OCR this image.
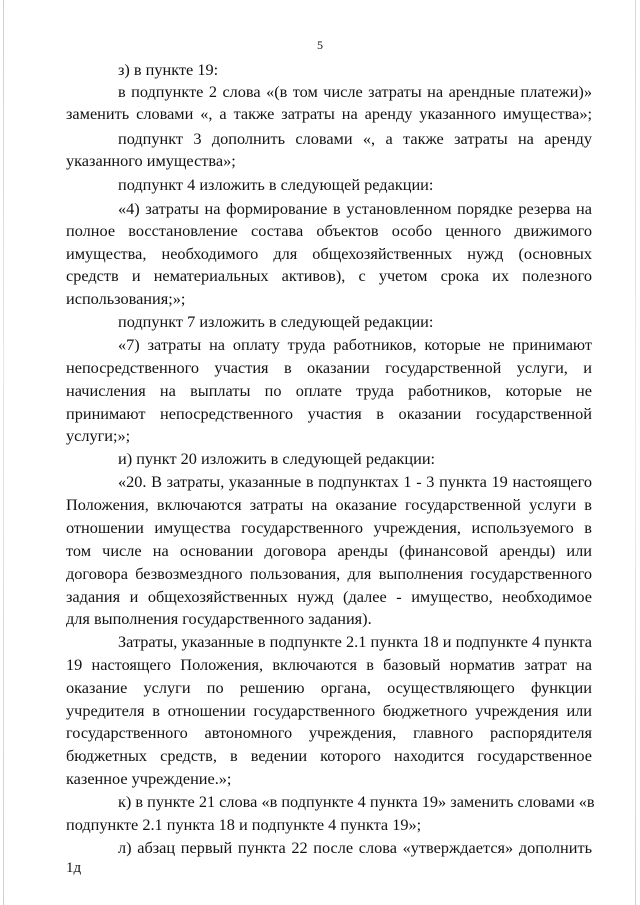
5
з) в пункте 19:
в подпункте 2 слова «(в том числе затраты на арендные платежи)»
заменить словами «, а также затраты на аренду указанного имущества»;
подпункт 3 дополнить словами «, а также затраты на аренду
указанного имущества»;
подпункт 4 изложить в следующей редакции:
«4) затраты на формирование в установленном порядке резерва на
полное восстановление состава объектов особо ценного движимого
имущества, необходимого для общехозяйственных нужд (основных
средств и нематериальных активов), с учетом срока их полезного
использования;»;
подпункт 7 изложить в следующей редакции:
«7) затраты на оплату труда работников, которые не принимают
непосредственного участия в оказании государственной услуги, и
начисления на выплаты по оплате труда работников, которые не
принимают непосредственного участия в оказании государственной
услуги;»;
и) пункт 20 изложить в следующей редакции:
«20. В затраты, указанные в подпунктах 1 - 3 пункта 19 настоящего
Положения, включаются затраты на оказание государственной услуги в
отношении имущества государственного учреждения, используемого в
том числе на основании договора аренды (финансовой аренды) или
договора безвозмездного пользования, для выполнения государственного
задания и общехозяйственных нужд (далее - имущество, необходимое
для выполнения государственного задания).
Затраты, указанные в подпункте 2.1 пункта 18 и подпункте 4 пункта
19 настоящего Положения, включаются в базовый норматив затрат на
оказание услуги по решению органа, осуществляющего функции
учредителя в отношении государственного бюджетного учреждения или
государственного автономного учреждения, главного распорядителя
бюджетных средств, в ведении которого находится государственное
казенное учреждение.»;
к) в пункте 21 слова «в подпункте 4 пункта 19» заменить словами «в
подпункте 2.1 пункта 18 и подпункте 4 пункта 19»;
л) абзац первый пункта 22 после слова «утверждается» дополнить
1д
